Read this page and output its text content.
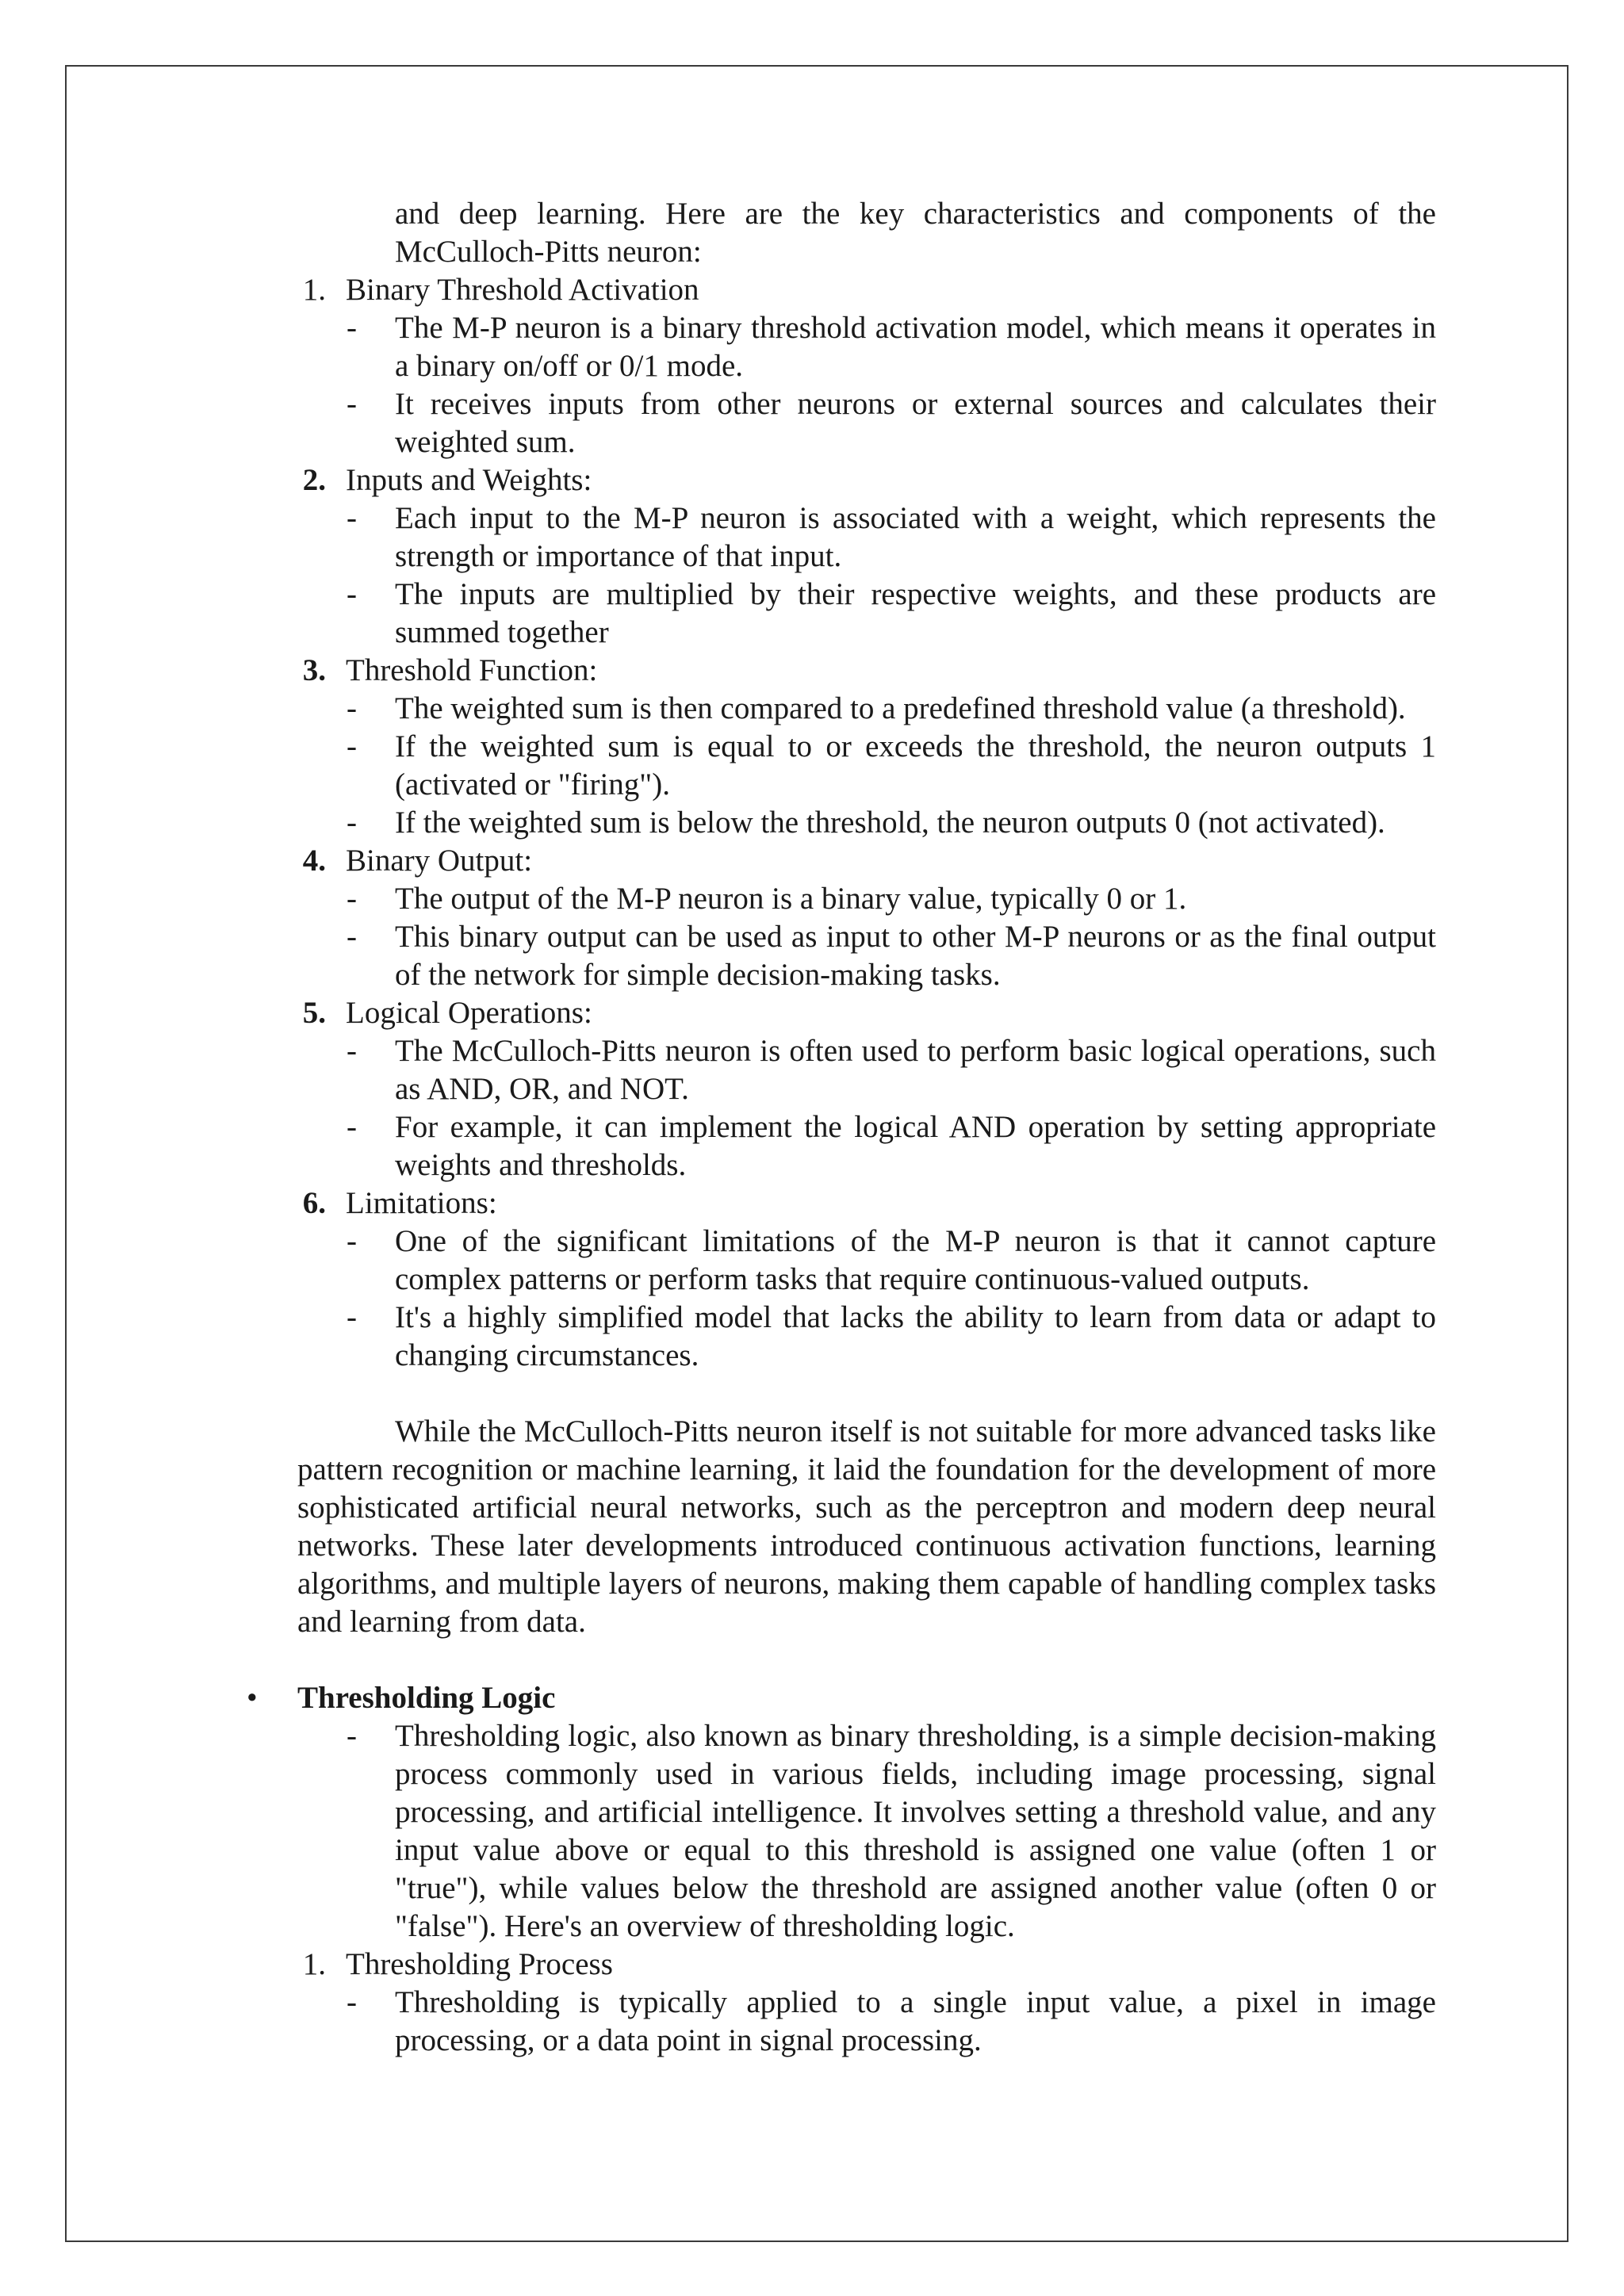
and deep learning. Here are the key characteristics and components of the McCulloch-Pitts neuron:
1. Binary Threshold Activation
- The M-P neuron is a binary threshold activation model, which means it operates in a binary on/off or 0/1 mode.
- It receives inputs from other neurons or external sources and calculates their weighted sum.
2. Inputs and Weights:
- Each input to the M-P neuron is associated with a weight, which represents the strength or importance of that input.
- The inputs are multiplied by their respective weights, and these products are summed together
3. Threshold Function:
- The weighted sum is then compared to a predefined threshold value (a threshold).
- If the weighted sum is equal to or exceeds the threshold, the neuron outputs 1 (activated or "firing").
- If the weighted sum is below the threshold, the neuron outputs 0 (not activated).
4. Binary Output:
- The output of the M-P neuron is a binary value, typically 0 or 1.
- This binary output can be used as input to other M-P neurons or as the final output of the network for simple decision-making tasks.
5. Logical Operations:
- The McCulloch-Pitts neuron is often used to perform basic logical operations, such as AND, OR, and NOT.
- For example, it can implement the logical AND operation by setting appropriate weights and thresholds.
6. Limitations:
- One of the significant limitations of the M-P neuron is that it cannot capture complex patterns or perform tasks that require continuous-valued outputs.
- It's a highly simplified model that lacks the ability to learn from data or adapt to changing circumstances.
While the McCulloch-Pitts neuron itself is not suitable for more advanced tasks like pattern recognition or machine learning, it laid the foundation for the development of more sophisticated artificial neural networks, such as the perceptron and modern deep neural networks. These later developments introduced continuous activation functions, learning algorithms, and multiple layers of neurons, making them capable of handling complex tasks and learning from data.
• Thresholding Logic
- Thresholding logic, also known as binary thresholding, is a simple decision-making process commonly used in various fields, including image processing, signal processing, and artificial intelligence. It involves setting a threshold value, and any input value above or equal to this threshold is assigned one value (often 1 or "true"), while values below the threshold are assigned another value (often 0 or "false"). Here's an overview of thresholding logic.
1. Thresholding Process
- Thresholding is typically applied to a single input value, a pixel in image processing, or a data point in signal processing.
